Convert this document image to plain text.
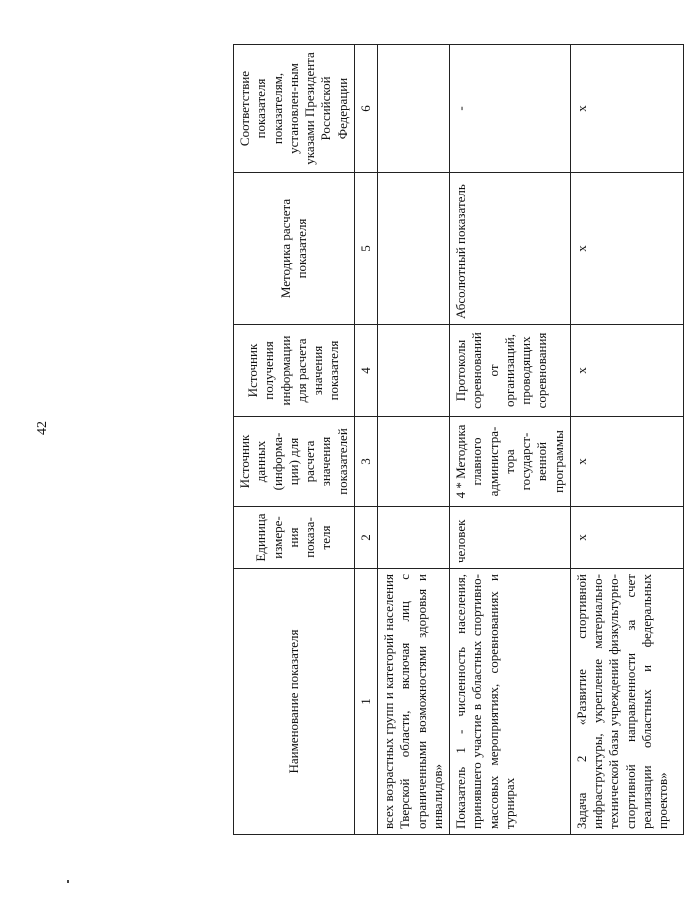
42
Наименование показателя	Единица измере-ния показа-теля	Источник данных (информа-ции) для расчета значения показателей	Источник получения информации для расчета значения показателя	Методика расчета показателя	Соответствие показателя показателям, установлен-ным указами Президента Российской Федерации
1	2	3	4	5	6
всех возрастных групп и категорий населения Тверской области, включая лиц с ограниченными возможностями здоровья и инвалидов»					
Показатель 1 - численность населения, принявшего участие в областных спортивно-массовых мероприятиях, соревнованиях и турнирах	человек	4 * Методика главного администра-тора государст-венной программы	Протоколы соревнований от организаций, проводящих соревнования	Абсолютный показатель	-
Задача 2 «Развитие спортивной инфраструктуры, укрепление материально-технической базы учреждений физкультурно-спортивной направленности за счет реализации областных и федеральных проектов»	х	х	х	х	х
